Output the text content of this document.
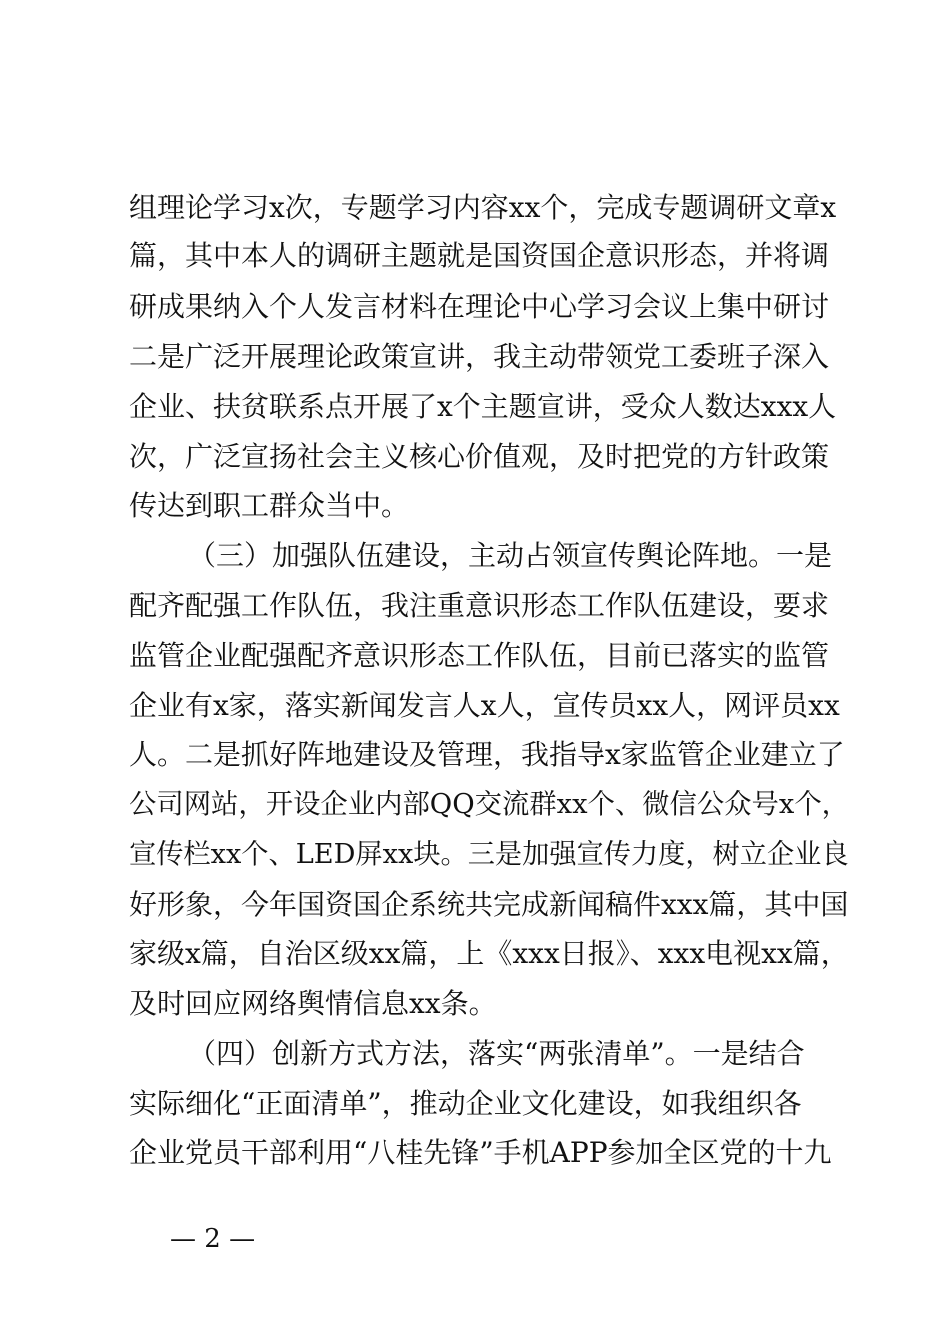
组理论学习x次，专题学习内容xx个，完成专题调研文章x
篇，其中本人的调研主题就是国资国企意识形态，并将调
研成果纳入个人发言材料在理论中心学习会议上集中研讨
二是广泛开展理论政策宣讲，我主动带领党工委班子深入
企业、扶贫联系点开展了x个主题宣讲，受众人数达xxx人
次，广泛宣扬社会主义核心价值观，及时把党的方针政策
传达到职工群众当中。
（三）加强队伍建设，主动占领宣传舆论阵地。一是
配齐配强工作队伍，我注重意识形态工作队伍建设，要求
监管企业配强配齐意识形态工作队伍，目前已落实的监管
企业有x家，落实新闻发言人x人，宣传员xx人，网评员xx
人。二是抓好阵地建设及管理，我指导x家监管企业建立了
公司网站，开设企业内部QQ交流群xx个、微信公众号x个，
宣传栏xx个、LED屏xx块。三是加强宣传力度，树立企业良
好形象，今年国资国企系统共完成新闻稿件xxx篇，其中国
家级x篇，自治区级xx篇，上《xxx日报》、xxx电视xx篇，
及时回应网络舆情信息xx条。
（四）创新方式方法，落实“两张清单”。一是结合
实际细化“正面清单”，推动企业文化建设，如我组织各
企业党员干部利用“八桂先锋”手机APP参加全区党的十九
— 2 —
